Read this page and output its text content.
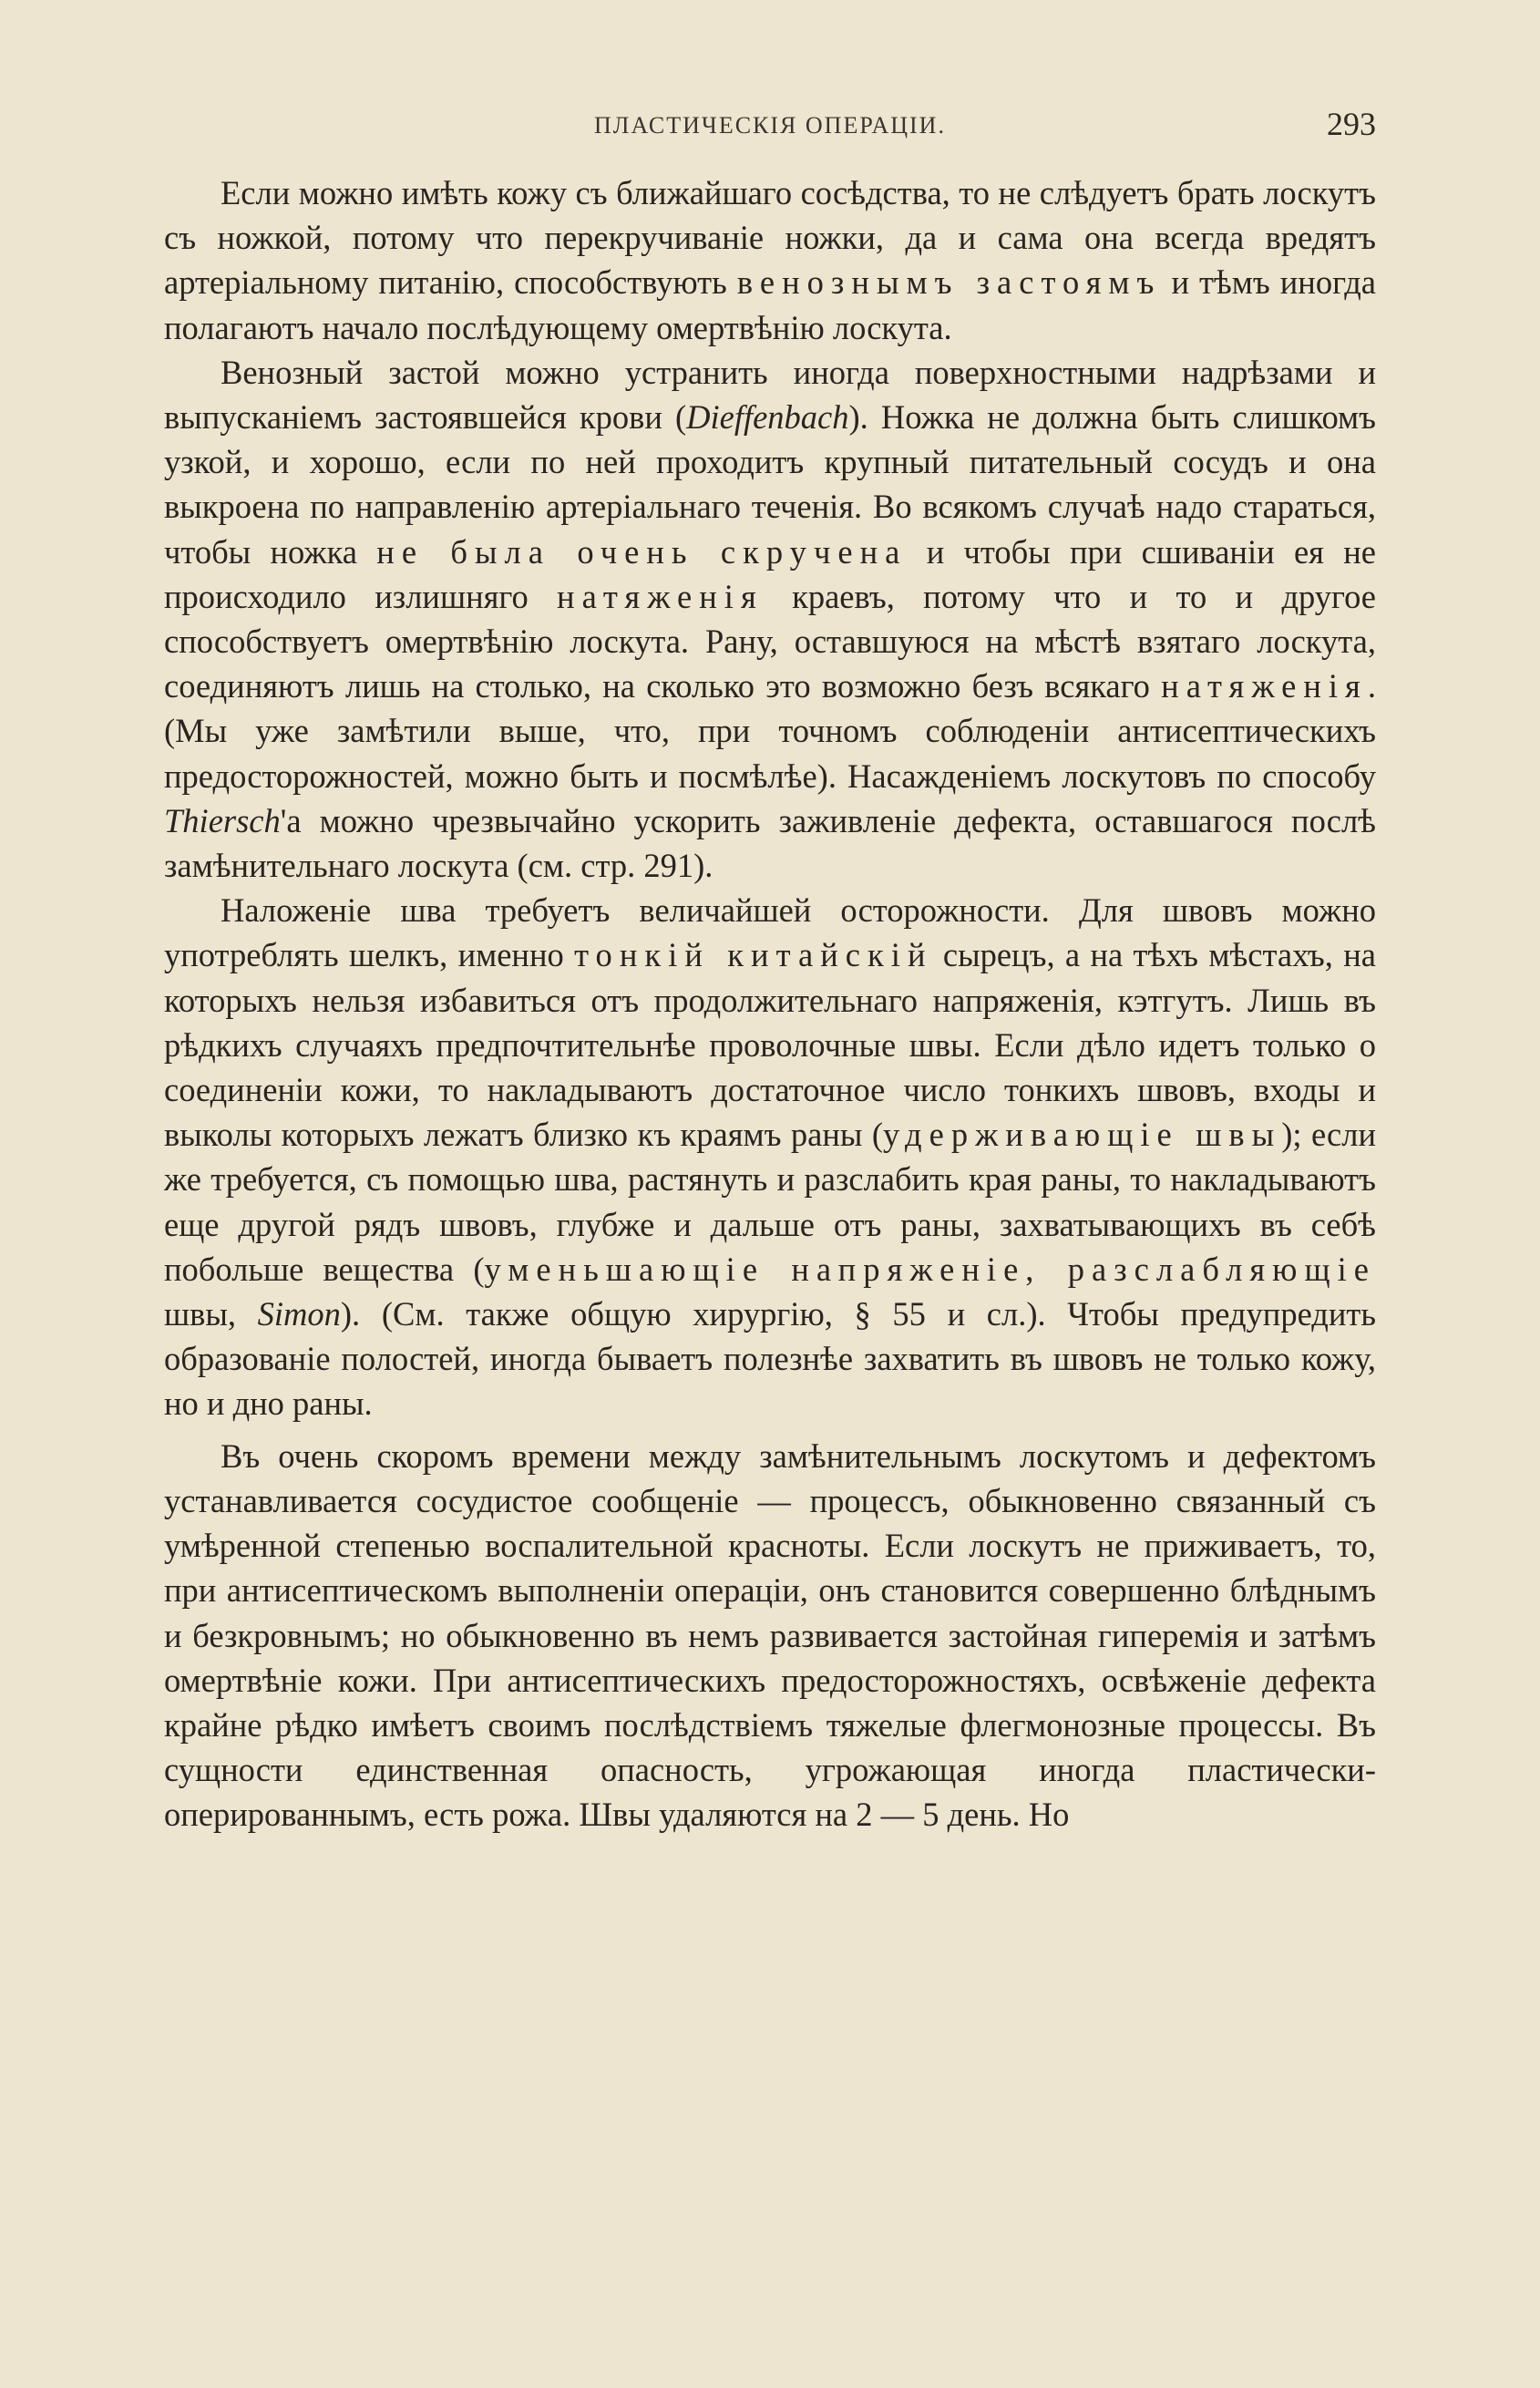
ПЛАСТИЧЕСКІЯ ОПЕРАЦІИ.	293

Если можно имѣть кожу съ ближайшаго сосѣдства, то не слѣдуетъ брать лоскутъ съ ножкой, потому что перекручиваніе ножки, да и сама она всегда вредятъ артеріальному питанію, способствують венознымъ застоямъ и тѣмъ иногда полагаютъ начало послѣдующему омертвѣнію лоскута.

Венозный застой можно устранить иногда поверхностными надрѣзами и выпусканіемъ застоявшейся крови (Dieffenbach). Ножка не должна быть слишкомъ узкой, и хорошо, если по ней проходитъ крупный питательный сосудъ и она выкроена по направленію артеріальнаго теченія. Во всякомъ случаѣ надо стараться, чтобы ножка не была очень скручена и чтобы при сшиваніи ея не происходило излишняго натяженія краевъ, потому что и то и другое способствуетъ омертвѣнію лоскута. Рану, оставшуюся на мѣстѣ взятаго лоскута, соединяютъ лишь на столько, на сколько это возможно безъ всякаго натяженія. (Мы уже замѣтили выше, что, при точномъ соблюденіи антисептическихъ предосторожностей, можно быть и посмѣлѣе). Насажденіемъ лоскутовъ по способу Thiersch'а можно чрезвычайно ускорить заживленіе дефекта, оставшагося послѣ замѣнительнаго лоскута (см. стр. 291).

Наложеніе шва требуетъ величайшей осторожности. Для швовъ можно употреблять шелкъ, именно тонкій китайскій сырецъ, а на тѣхъ мѣстахъ, на которыхъ нельзя избавиться отъ продолжительнаго напряженія, кэтгутъ. Лишь въ рѣдкихъ случаяхъ предпочтительнѣе проволочные швы. Если дѣло идетъ только о соединеніи кожи, то накладываютъ достаточное число тонкихъ швовъ, входы и выколы которыхъ лежатъ близко къ краямъ раны (удерживающіе швы); если же требуется, съ помощью шва, растянуть и разслабить края раны, то накладываютъ еще другой рядъ швовъ, глубже и дальше отъ раны, захватывающихъ въ себѣ побольше вещества (уменьшающіе напряженіе, разслабляющіе швы, Simon). (См. также общую хирургію, § 55 и сл.). Чтобы предупредить образованіе полостей, иногда бываетъ полезнѣе захватить въ швовъ не только кожу, но и дно раны.

Въ очень скоромъ времени между замѣнительнымъ лоскутомъ и дефектомъ устанавливается сосудистое сообщеніе — процессъ, обыкновенно связанный съ умѣренной степенью воспалительной красноты. Если лоскутъ не приживаетъ, то, при антисептическомъ выполненіи операціи, онъ становится совершенно блѣднымъ и безкровнымъ; но обыкновенно въ немъ развивается застойная гиперемія и затѣмъ омертвѣніе кожи. При антисептическихъ предосторожностяхъ, освѣженіе дефекта крайне рѣдко имѣетъ своимъ послѣдствіемъ тяжелые флегмонозные процессы. Въ сущности единственная опасность, угрожающая иногда пластически-оперированнымъ, есть рожа. Швы удаляются на 2 — 5 день. Но
